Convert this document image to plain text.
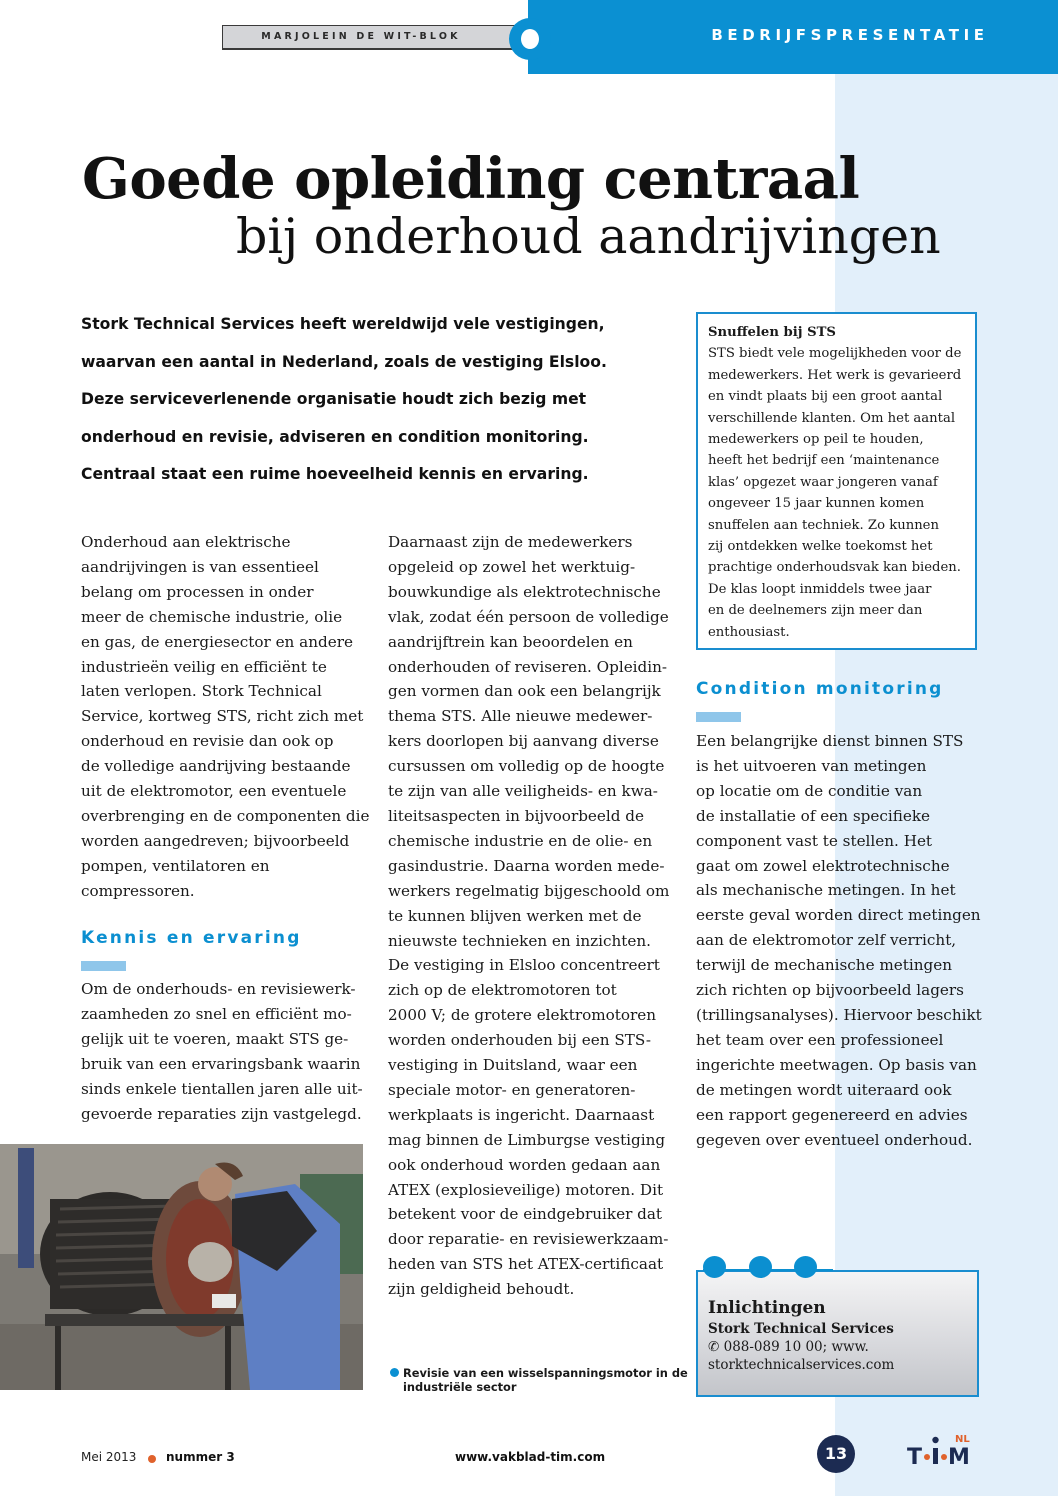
MARJOLEIN DE WIT-BLOK	BEDRIJFSPRESENTATIE
Goede opleiding centraal
bij onderhoud aandrijvingen
Stork Technical Services heeft wereldwijd vele vestigingen,
waarvan een aantal in Nederland, zoals de vestiging Elsloo.
Deze serviceverlenende organisatie houdt zich bezig met
onderhoud en revisie, adviseren en condition monitoring.
Centraal staat een ruime hoeveelheid kennis en ervaring.
Onderhoud aan elektrische
aandrijvingen is van essentieel
belang om processen in onder
meer de chemische industrie, olie
en gas, de energiesector en andere
industrieën veilig en efficiënt te
laten verlopen. Stork Technical
Service, kortweg STS, richt zich met
onderhoud en revisie dan ook op
de volledige aandrijving bestaande
uit de elektromotor, een eventuele
overbrenging en de componenten die
worden aangedreven; bijvoorbeeld
pompen, ventilatoren en
compressoren.
Kennis en ervaring
Om de onderhouds- en revisiewerk-
zaamheden zo snel en efficiënt mo-
gelijk uit te voeren, maakt STS ge-
bruik van een ervaringsbank waarin
sinds enkele tientallen jaren alle uit-
gevoerde reparaties zijn vastgelegd.
Daarnaast zijn de medewerkers
opgeleid op zowel het werktuig-
bouwkundige als elektrotechnische
vlak, zodat één persoon de volledige
aandrijftrein kan beoordelen en
onderhouden of reviseren. Opleidin-
gen vormen dan ook een belangrijk
thema STS. Alle nieuwe medewer-
kers doorlopen bij aanvang diverse
cursussen om volledig op de hoogte
te zijn van alle veiligheids- en kwa-
liteitsaspecten in bijvoorbeeld de
chemische industrie en de olie- en
gasindustrie. Daarna worden mede-
werkers regelmatig bijgeschoold om
te kunnen blijven werken met de
nieuwste technieken en inzichten.
De vestiging in Elsloo concentreert
zich op de elektromotoren tot
2000 V; de grotere elektromotoren
worden onderhouden bij een STS-
vestiging in Duitsland, waar een
speciale motor- en generatoren-
werkplaats is ingericht. Daarnaast
mag binnen de Limburgse vestiging
ook onderhoud worden gedaan aan
ATEX (explosieveilige) motoren. Dit
betekent voor de eindgebruiker dat
door reparatie- en revisiewerkzaam-
heden van STS het ATEX-certificaat
zijn geldigheid behoudt.
Snuffelen bij STS
STS biedt vele mogelijkheden voor de
medewerkers. Het werk is gevarieerd
en vindt plaats bij een groot aantal
verschillende klanten. Om het aantal
medewerkers op peil te houden,
heeft het bedrijf een ‘maintenance
klas’ opgezet waar jongeren vanaf
ongeveer 15 jaar kunnen komen
snuffelen aan techniek. Zo kunnen
zij ontdekken welke toekomst het
prachtige onderhoudsvak kan bieden.
De klas loopt inmiddels twee jaar
en de deelnemers zijn meer dan
enthousiast.
Condition monitoring
Een belangrijke dienst binnen STS
is het uitvoeren van metingen
op locatie om de conditie van
de installatie of een specifieke
component vast te stellen. Het
gaat om zowel elektrotechnische
als mechanische metingen. In het
eerste geval worden direct metingen
aan de elektromotor zelf verricht,
terwijl de mechanische metingen
zich richten op bijvoorbeeld lagers
(trillingsanalyses). Hiervoor beschikt
het team over een professioneel
ingerichte meetwagen. Op basis van
de metingen wordt uiteraard ook
een rapport gegenereerd en advies
gegeven over eventueel onderhoud.
Revisie van een wisselspanningsmotor in de
industriële sector
Inlichtingen
Stork Technical Services
✆ 088-089 10 00; www.
storktechnicalservices.com
Mei 2013 nummer 3	www.vakblad-tim.com	13	T M
NL
